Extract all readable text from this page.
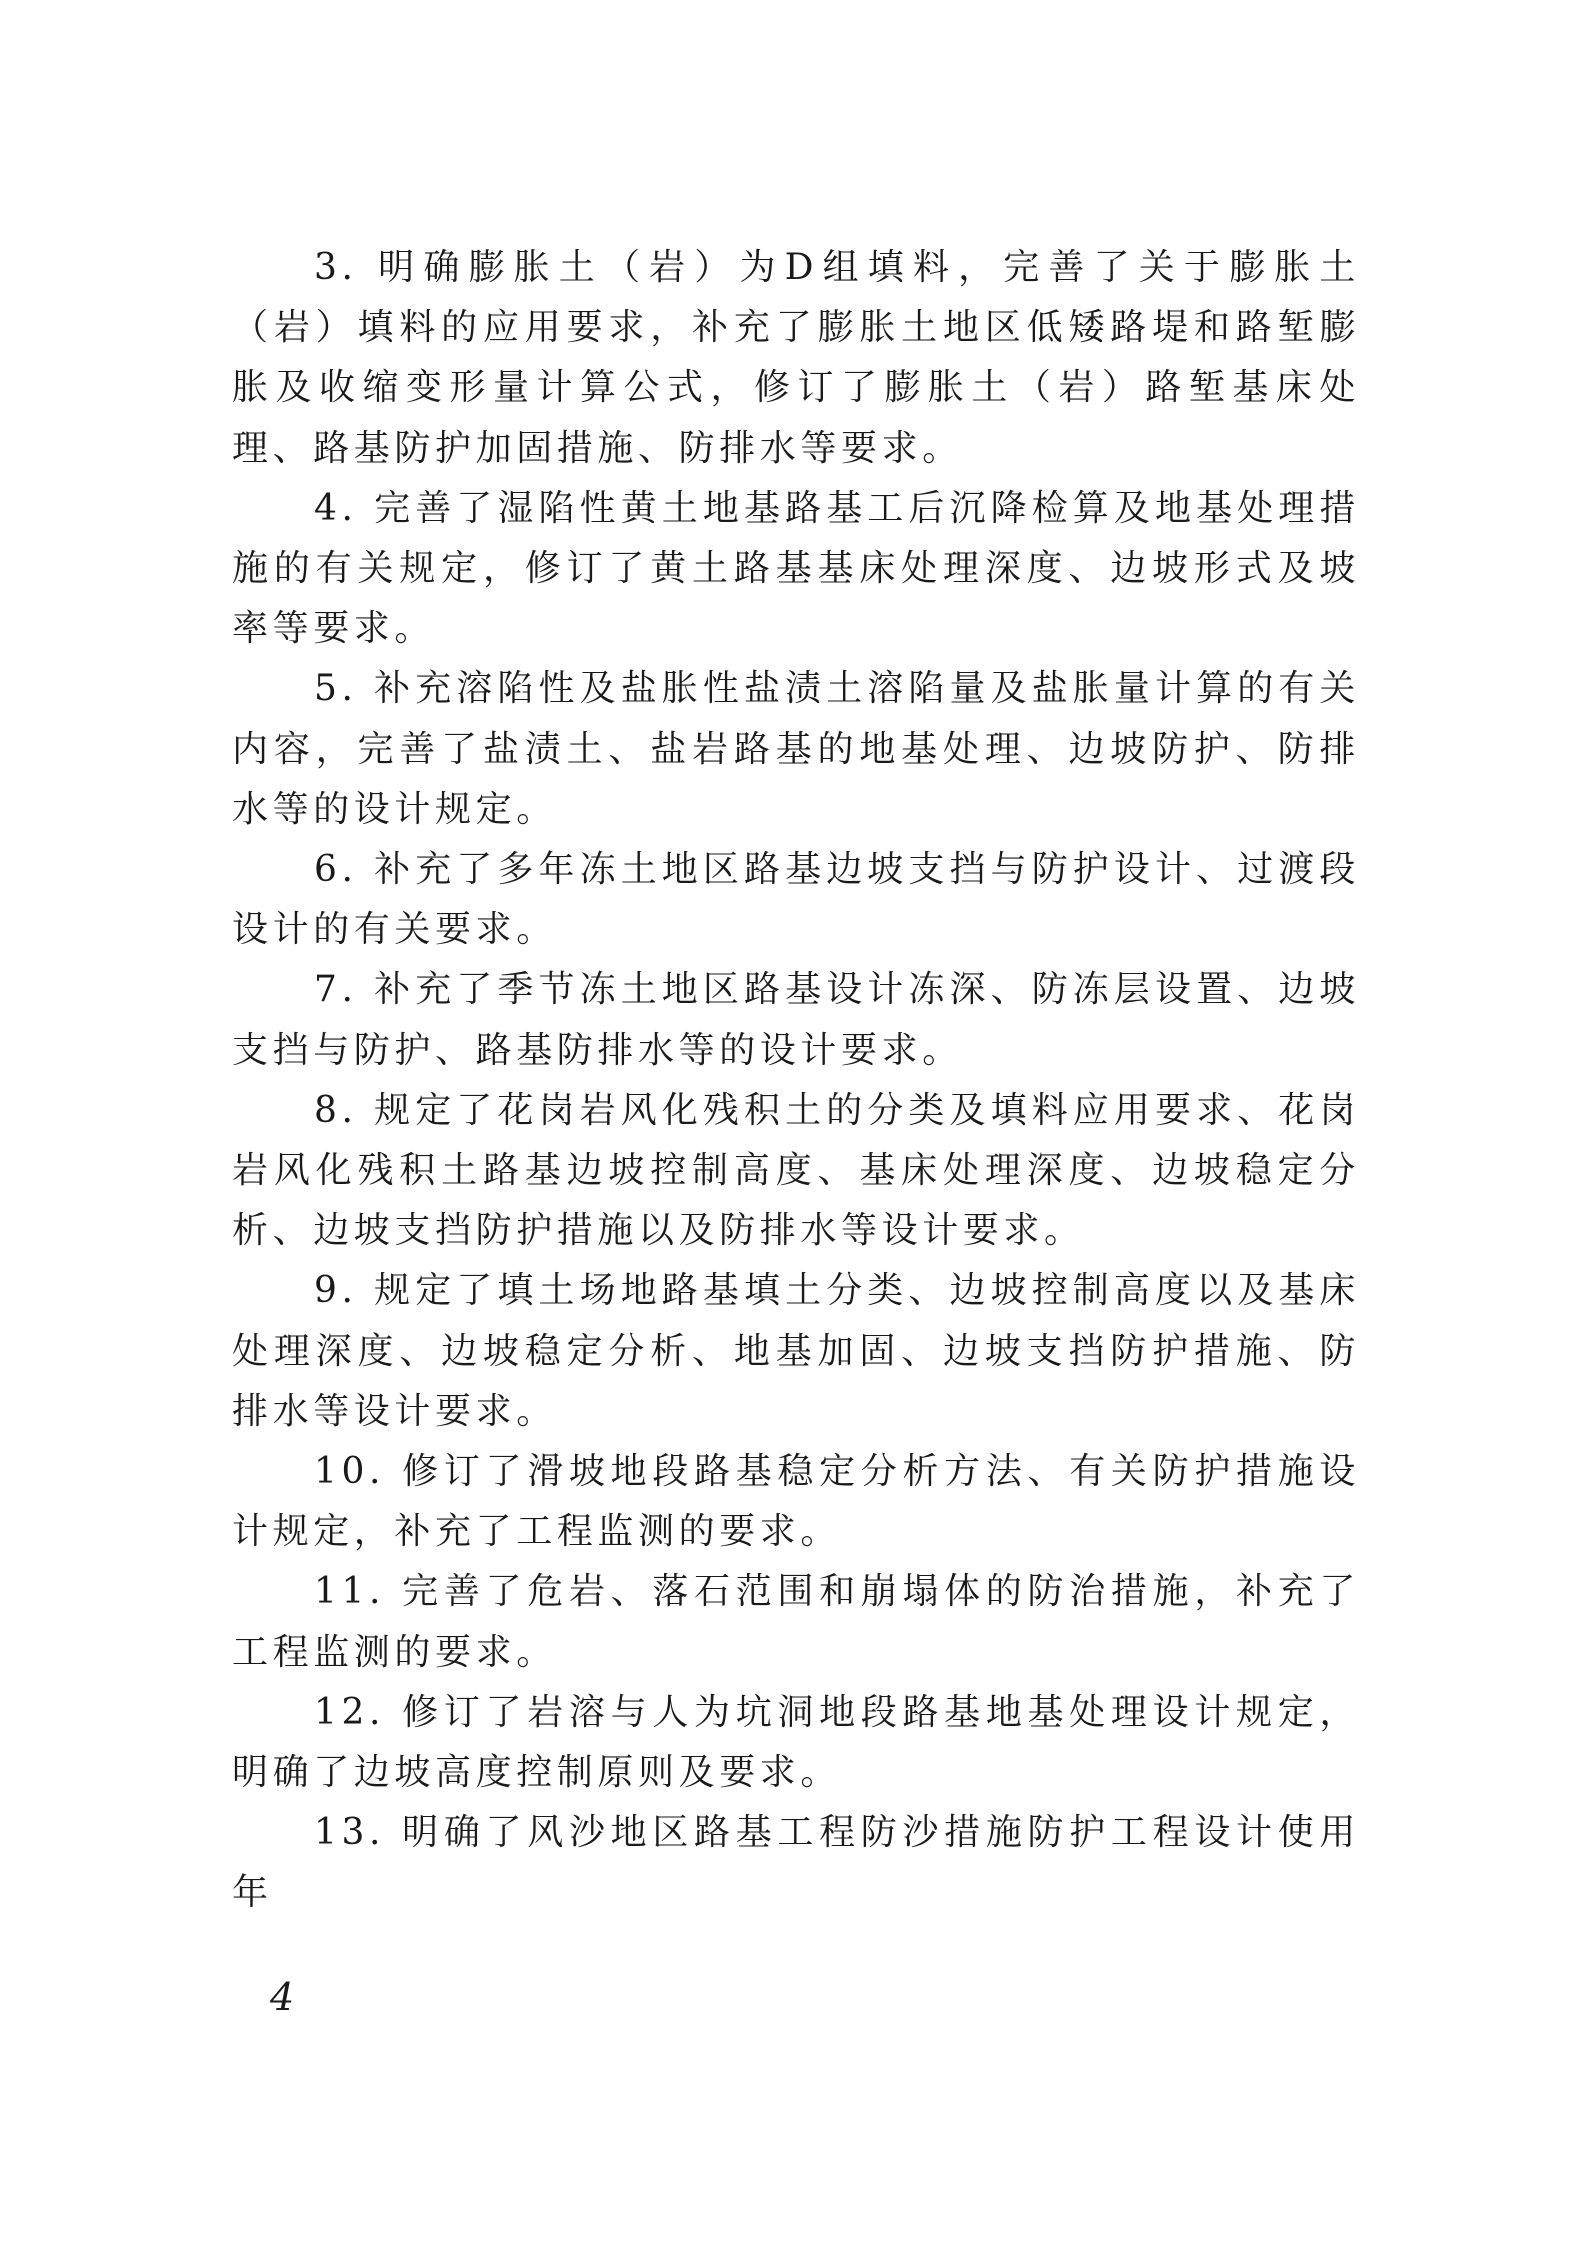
3. 明确膨胀土（岩）为D组填料，完善了关于膨胀土（岩）填料的应用要求，补充了膨胀土地区低矮路堤和路堑膨胀及收缩变形量计算公式，修订了膨胀土（岩）路堑基床处理、路基防护加固措施、防排水等要求。

4. 完善了湿陷性黄土地基路基工后沉降检算及地基处理措施的有关规定，修订了黄土路基基床处理深度、边坡形式及坡率等要求。

5. 补充溶陷性及盐胀性盐渍土溶陷量及盐胀量计算的有关内容，完善了盐渍土、盐岩路基的地基处理、边坡防护、防排水等的设计规定。

6. 补充了多年冻土地区路基边坡支挡与防护设计、过渡段设计的有关要求。

7. 补充了季节冻土地区路基设计冻深、防冻层设置、边坡支挡与防护、路基防排水等的设计要求。

8. 规定了花岗岩风化残积土的分类及填料应用要求、花岗岩风化残积土路基边坡控制高度、基床处理深度、边坡稳定分析、边坡支挡防护措施以及防排水等设计要求。

9. 规定了填土场地路基填土分类、边坡控制高度以及基床处理深度、边坡稳定分析、地基加固、边坡支挡防护措施、防排水等设计要求。

10. 修订了滑坡地段路基稳定分析方法、有关防护措施设计规定，补充了工程监测的要求。

11. 完善了危岩、落石范围和崩塌体的防治措施，补充了工程监测的要求。

12. 修订了岩溶与人为坑洞地段路基地基处理设计规定，明确了边坡高度控制原则及要求。

13. 明确了风沙地区路基工程防沙措施防护工程设计使用年

4
